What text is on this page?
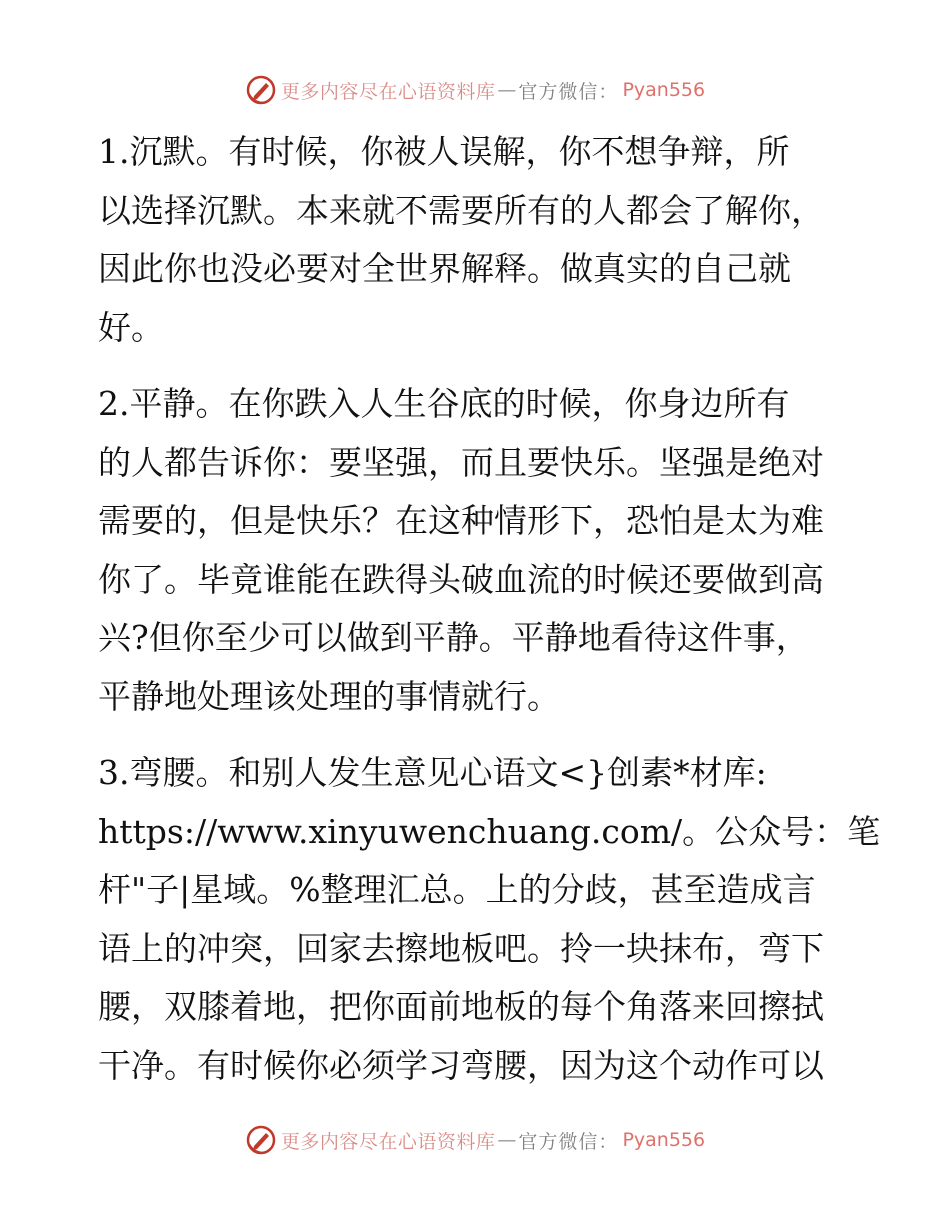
更多内容尽在心语资料库 — 官方微信： Pyan556
1.沉默。有时候，你被人误解，你不想争辩，所
以选择沉默。本来就不需要所有的人都会了解你，
因此你也没必要对全世界解释。做真实的自己就
好。
2.平静。在你跌入人生谷底的时候，你身边所有
的人都告诉你：要坚强，而且要快乐。坚强是绝对
需要的，但是快乐？在这种情形下，恐怕是太为难
你了。毕竟谁能在跌得头破血流的时候还要做到高
兴?但你至少可以做到平静。平静地看待这件事，
平静地处理该处理的事情就行。
3.弯腰。和别人发生意见心语文<}创素*材库:
https://www.xinyuwenchuang.com/。公众号：笔
杆"子|星域。%整理汇总。上的分歧，甚至造成言
语上的冲突，回家去擦地板吧。拎一块抹布，弯下
腰，双膝着地，把你面前地板的每个角落来回擦拭
干净。有时候你必须学习弯腰，因为这个动作可以
更多内容尽在心语资料库 — 官方微信： Pyan556
